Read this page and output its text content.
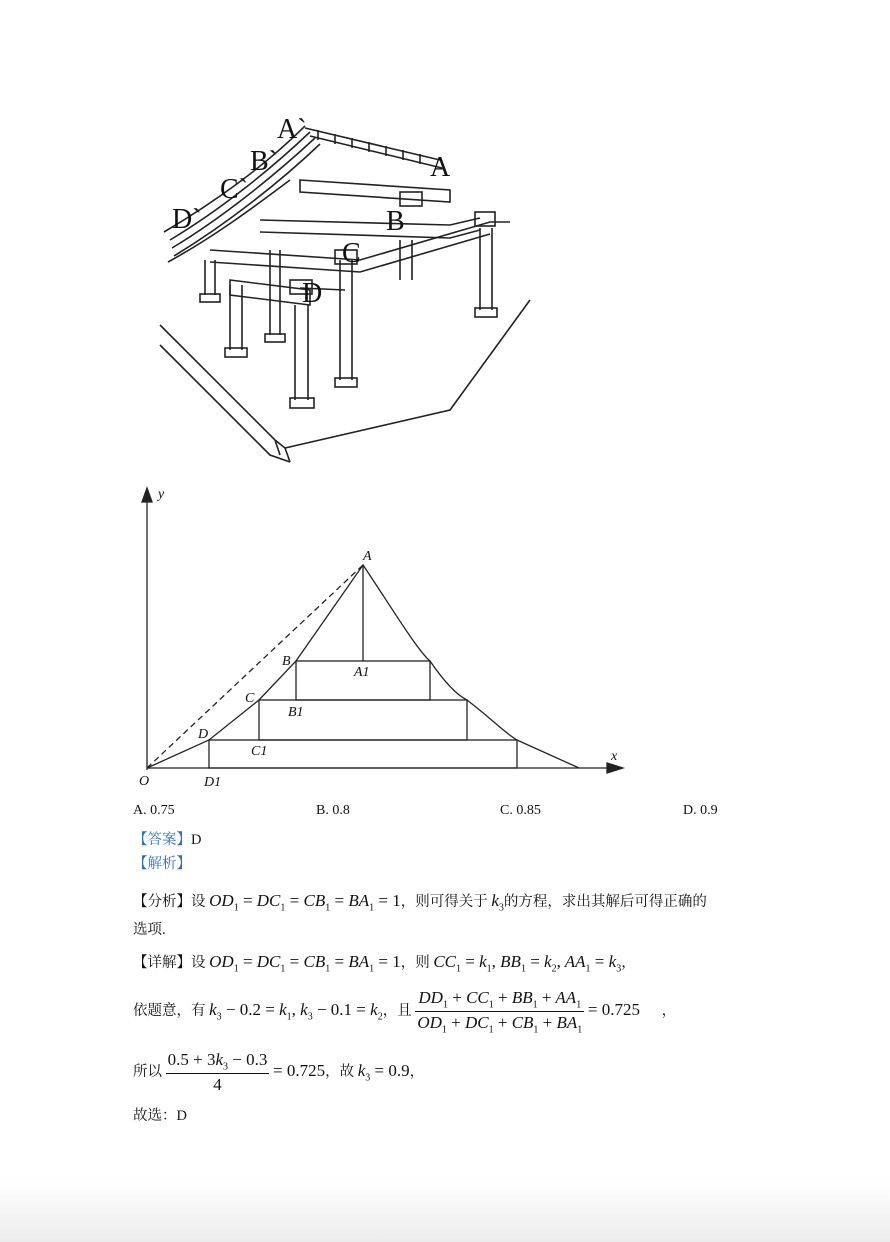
A`
B`
C`
D`
A
B
C
D
y
x
O
A
B
C
D
A1
B1
C1
D1
A. 0.75	B. 0.8	C. 0.85	D. 0.9
【答案】D
【解析】
【分析】设 $OD_1 = DC_1 = CB_1 = BA_1 = 1$，则可得关于 $k_3$的方程，求出其解后可得正确的
选项.
【详解】设 $OD_1 = DC_1 = CB_1 = BA_1 = 1$，则 $CC_1 = k_1$, $BB_1 = k_2$, $AA_1 = k_3$，
依题意，有 $k_3 - 0.2 = k_1$, $k_3 - 0.1 = k_2$，且 $\frac{DD_1 + CC_1 + BB_1 + AA_1}{OD_1 + DC_1 + CB_1 + BA_1} = 0.725$ ，
所以 $\frac{0.5 + 3k_3 - 0.3}{4} = 0.725$，故 $k_3 = 0.9$，
故选：D
